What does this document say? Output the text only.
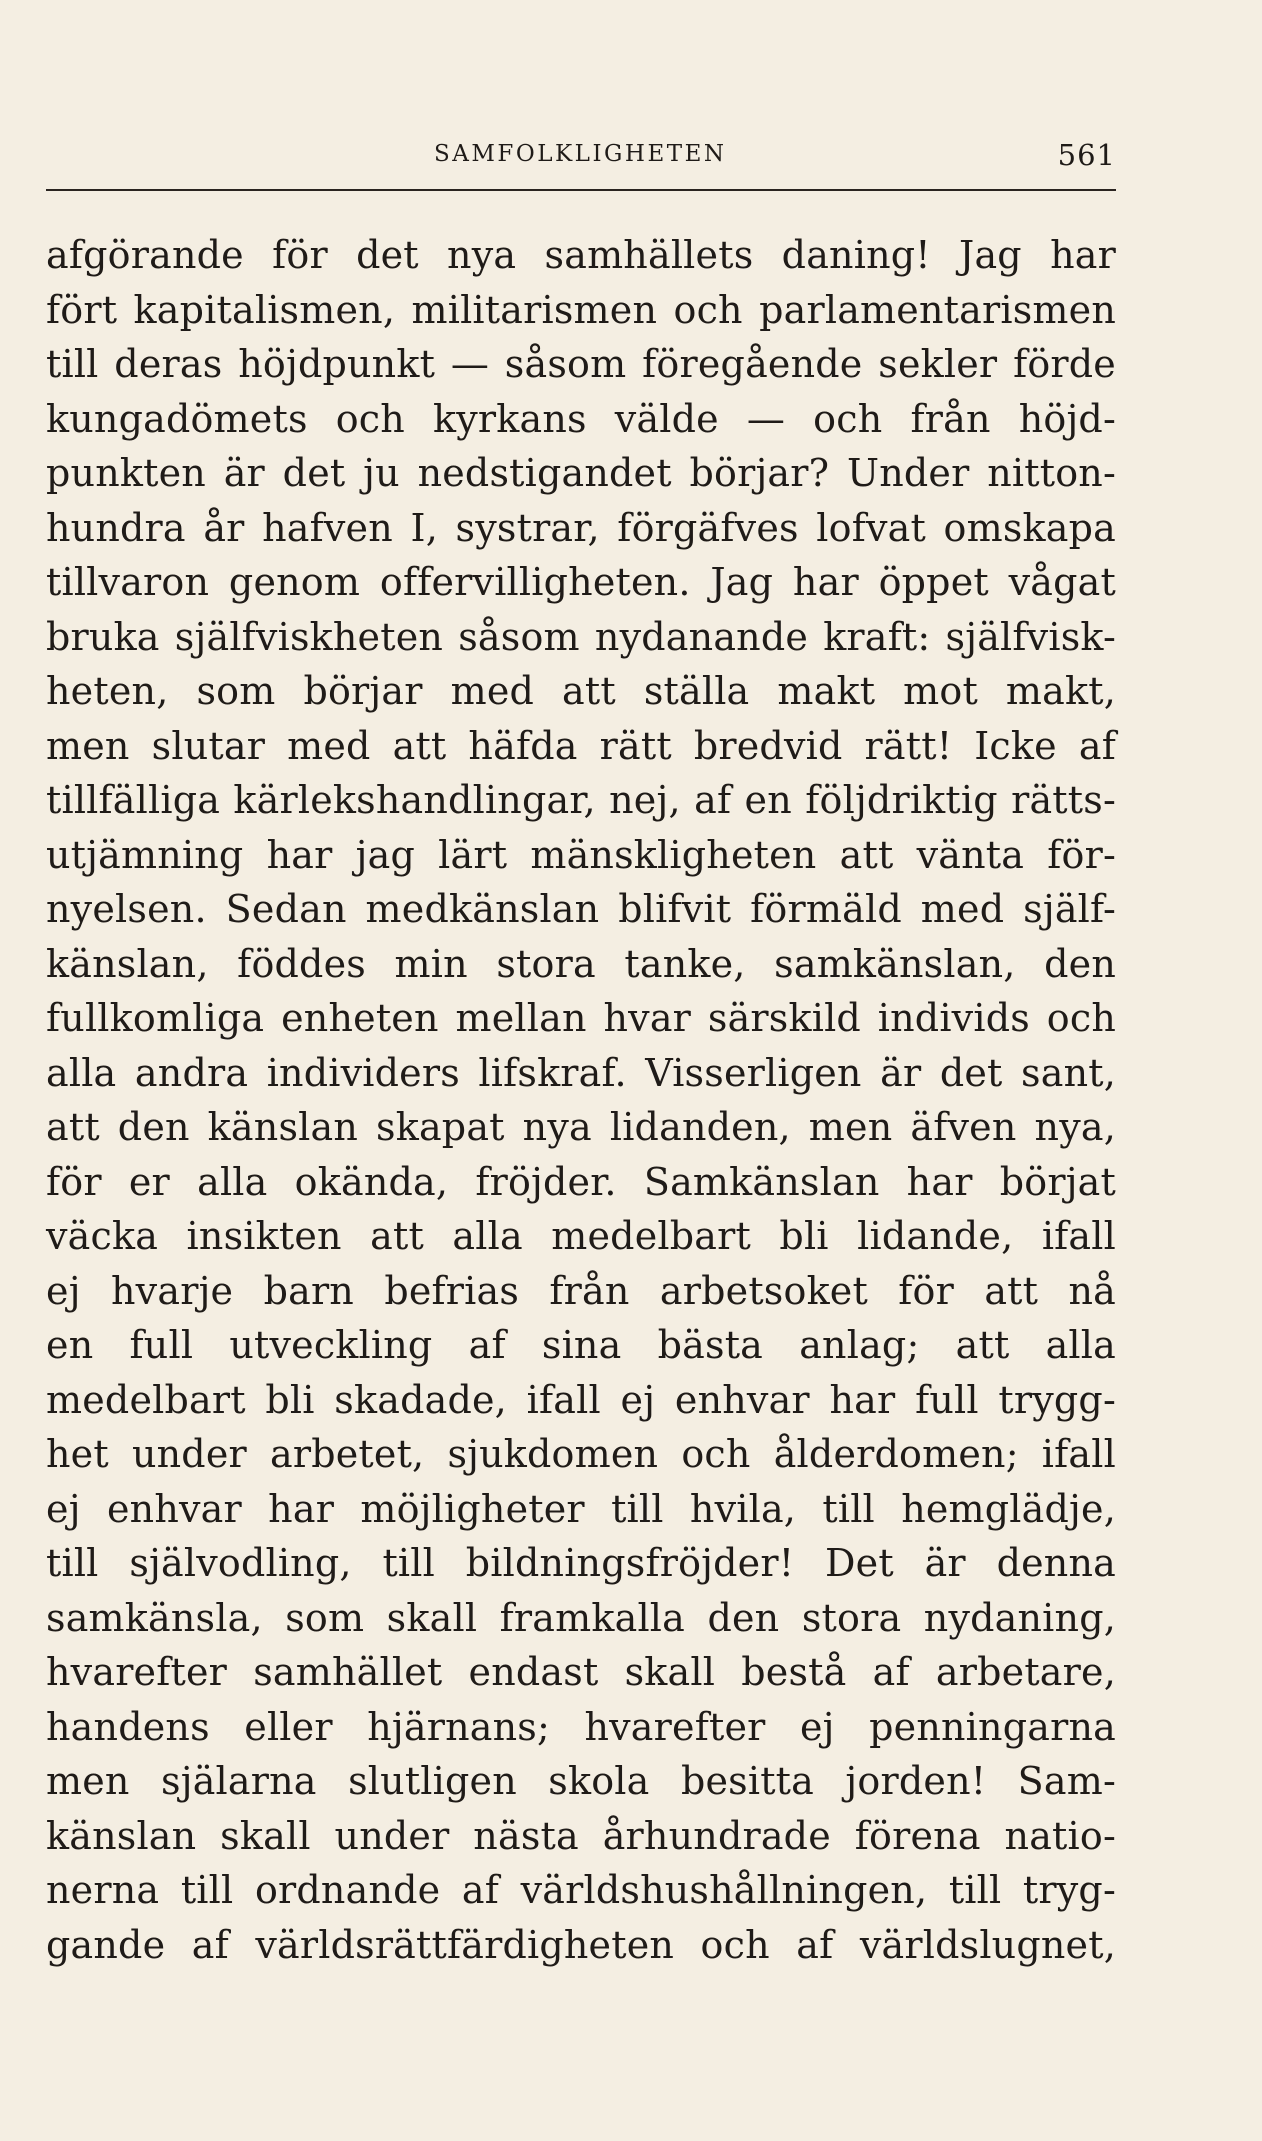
SAMFOLKLIGHETEN	561
afgörande för det nya samhällets daning! Jag har
fört kapitalismen, militarismen och parlamentarismen
till deras höjdpunkt — såsom föregående sekler förde
kungadömets och kyrkans välde — och från höjd-
punkten är det ju nedstigandet börjar? Under nitton-
hundra år hafven I, systrar, förgäfves lofvat omskapa
tillvaron genom offervilligheten. Jag har öppet vågat
bruka själfviskheten såsom nydanande kraft: själfvisk-
heten, som börjar med att ställa makt mot makt,
men slutar med att häfda rätt bredvid rätt! Icke af
tillfälliga kärlekshandlingar, nej, af en följdriktig rätts-
utjämning har jag lärt mänskligheten att vänta för-
nyelsen. Sedan medkänslan blifvit förmäld med själf-
känslan, föddes min stora tanke, samkänslan, den
fullkomliga enheten mellan hvar särskild individs och
alla andra individers lifskraf. Visserligen är det sant,
att den känslan skapat nya lidanden, men äfven nya,
för er alla okända, fröjder. Samkänslan har börjat
väcka insikten att alla medelbart bli lidande, ifall
ej hvarje barn befrias från arbetsoket för att nå
en full utveckling af sina bästa anlag; att alla
medelbart bli skadade, ifall ej enhvar har full trygg-
het under arbetet, sjukdomen och ålderdomen; ifall
ej enhvar har möjligheter till hvila, till hemglädje,
till självodling, till bildningsfröjder! Det är denna
samkänsla, som skall framkalla den stora nydaning,
hvarefter samhället endast skall bestå af arbetare,
handens eller hjärnans; hvarefter ej penningarna
men själarna slutligen skola besitta jorden! Sam-
känslan skall under nästa århundrade förena natio-
nerna till ordnande af världshushållningen, till tryg-
gande af världsrättfärdigheten och af världslugnet,
